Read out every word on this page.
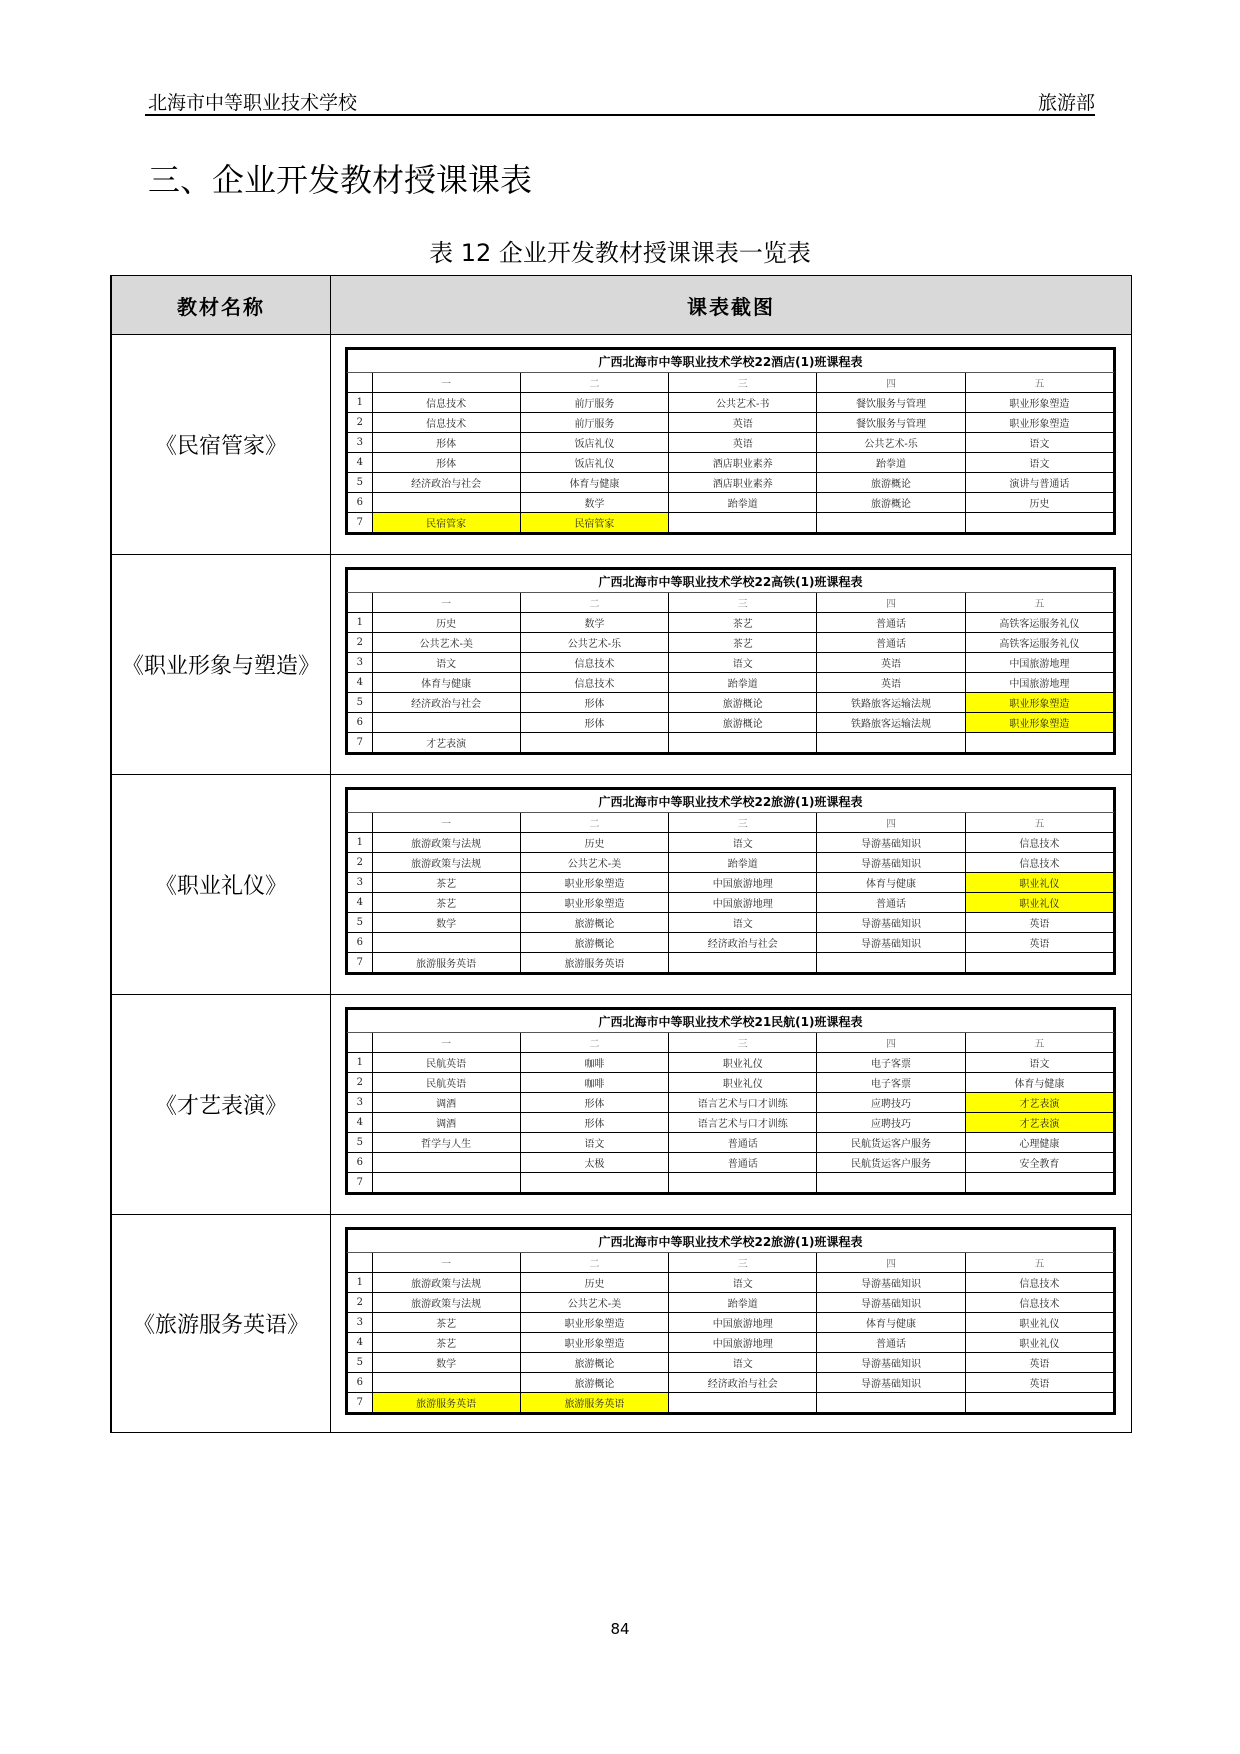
北海市中等职业技术学校	旅游部
三、企业开发教材授课课表
表 12 企业开发教材授课课表一览表
教材名称	课表截图
《民宿管家》	
	广西北海市中等职业技术学校22酒店(1)班课程表
	一	二	三	四	五
1	信息技术	前厅服务	公共艺术-书	餐饮服务与管理	职业形象塑造
2	信息技术	前厅服务	英语	餐饮服务与管理	职业形象塑造
3	形体	饭店礼仪	英语	公共艺术-乐	语文
4	形体	饭店礼仪	酒店职业素养	跆拳道	语文
5	经济政治与社会	体育与健康	酒店职业素养	旅游概论	演讲与普通话
6		数学	跆拳道	旅游概论	历史
7	民宿管家	民宿管家			

《职业形象与塑造》	
	广西北海市中等职业技术学校22高铁(1)班课程表
	一	二	三	四	五
1	历史	数学	茶艺	普通话	高铁客运服务礼仪
2	公共艺术-美	公共艺术-乐	茶艺	普通话	高铁客运服务礼仪
3	语文	信息技术	语文	英语	中国旅游地理
4	体育与健康	信息技术	跆拳道	英语	中国旅游地理
5	经济政治与社会	形体	旅游概论	铁路旅客运输法规	职业形象塑造
6		形体	旅游概论	铁路旅客运输法规	职业形象塑造
7	才艺表演				

《职业礼仪》	
	广西北海市中等职业技术学校22旅游(1)班课程表
	一	二	三	四	五
1	旅游政策与法规	历史	语文	导游基础知识	信息技术
2	旅游政策与法规	公共艺术-美	跆拳道	导游基础知识	信息技术
3	茶艺	职业形象塑造	中国旅游地理	体育与健康	职业礼仪
4	茶艺	职业形象塑造	中国旅游地理	普通话	职业礼仪
5	数学	旅游概论	语文	导游基础知识	英语
6		旅游概论	经济政治与社会	导游基础知识	英语
7	旅游服务英语	旅游服务英语			

《才艺表演》	
	广西北海市中等职业技术学校21民航(1)班课程表
	一	二	三	四	五
1	民航英语	咖啡	职业礼仪	电子客票	语文
2	民航英语	咖啡	职业礼仪	电子客票	体育与健康
3	调酒	形体	语言艺术与口才训练	应聘技巧	才艺表演
4	调酒	形体	语言艺术与口才训练	应聘技巧	才艺表演
5	哲学与人生	语文	普通话	民航货运客户服务	心理健康
6		太极	普通话	民航货运客户服务	安全教育
7					

《旅游服务英语》	
	广西北海市中等职业技术学校22旅游(1)班课程表
	一	二	三	四	五
1	旅游政策与法规	历史	语文	导游基础知识	信息技术
2	旅游政策与法规	公共艺术-美	跆拳道	导游基础知识	信息技术
3	茶艺	职业形象塑造	中国旅游地理	体育与健康	职业礼仪
4	茶艺	职业形象塑造	中国旅游地理	普通话	职业礼仪
5	数学	旅游概论	语文	导游基础知识	英语
6		旅游概论	经济政治与社会	导游基础知识	英语
7	旅游服务英语	旅游服务英语			
84
